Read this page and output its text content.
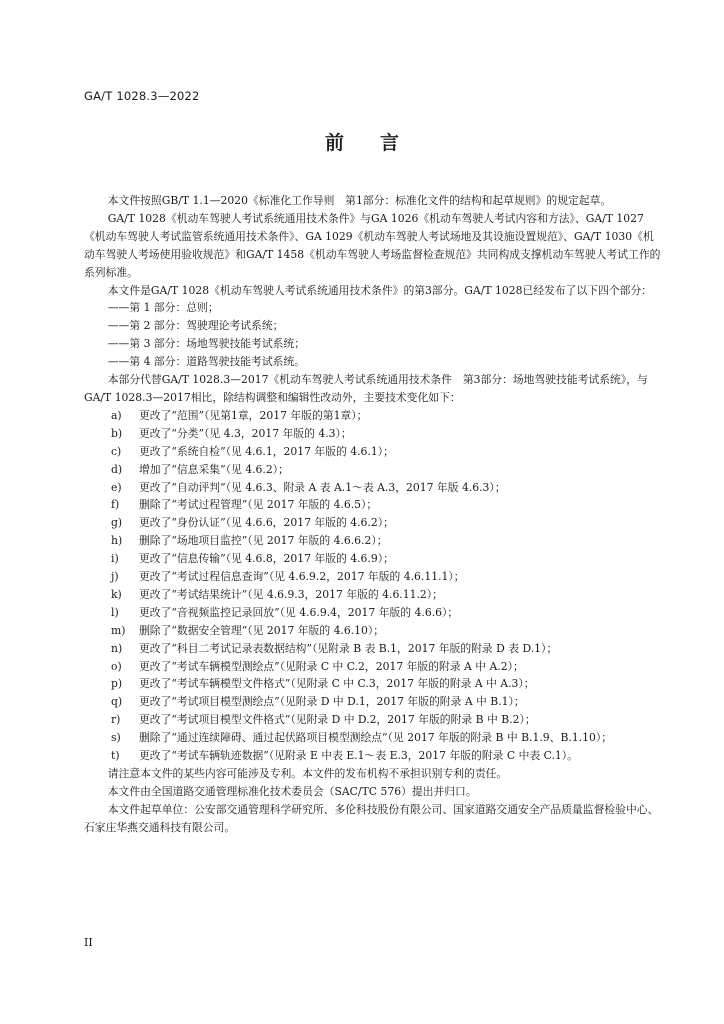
GA/T 1028.3—2022
前言

本文件按照GB/T 1.1—2020《标准化工作导则　第1部分：标准化文件的结构和起草规则》的规定起草。

GA/T 1028《机动车驾驶人考试系统通用技术条件》与GA 1026《机动车驾驶人考试内容和方法》、GA/T 1027《机动车驾驶人考试监管系统通用技术条件》、GA 1029《机动车驾驶人考试场地及其设施设置规范》、GA/T 1030《机动车驾驶人考场使用验收规范》和GA/T 1458《机动车驾驶人考场监督检查规范》共同构成支撑机动车驾驶人考试工作的系列标准。

本文件是GA/T 1028《机动车驾驶人考试系统通用技术条件》的第3部分。GA/T 1028已经发布了以下四个部分：

——第 1 部分：总则；

——第 2 部分：驾驶理论考试系统；

——第 3 部分：场地驾驶技能考试系统；

——第 4 部分：道路驾驶技能考试系统。

本部分代替GA/T 1028.3—2017《机动车驾驶人考试系统通用技术条件　第3部分：场地驾驶技能考试系统》，与GA/T 1028.3—2017相比，除结构调整和编辑性改动外，主要技术变化如下：

a)	更改了“范围”（见第1章，2017 年版的第1章）；
b)	更改了“分类”（见 4.3，2017 年版的 4.3）；
c)	更改了“系统自检”（见 4.6.1，2017 年版的 4.6.1）；
d)	增加了“信息采集”（见 4.6.2）；
e)	更改了“自动评判”（见 4.6.3、附录 A 表 A.1～表 A.3，2017 年版 4.6.3）；
f)	删除了“考试过程管理”（见 2017 年版的 4.6.5）；
g)	更改了“身份认证”（见 4.6.6，2017 年版的 4.6.2）；
h)	删除了“场地项目监控”（见 2017 年版的 4.6.6.2）；
i)	更改了“信息传输”（见 4.6.8，2017 年版的 4.6.9）；
j)	更改了“考试过程信息查询”（见 4.6.9.2，2017 年版的 4.6.11.1）；
k)	更改了“考试结果统计”（见 4.6.9.3，2017 年版的 4.6.11.2）；
l)	更改了“音视频监控记录回放”（见 4.6.9.4，2017 年版的 4.6.6）；
m)	删除了“数据安全管理”（见 2017 年版的 4.6.10）；
n)	更改了“科目二考试记录表数据结构”（见附录 B 表 B.1，2017 年版的附录 D 表 D.1）；
o)	更改了“考试车辆模型测绘点”（见附录 C 中 C.2，2017 年版的附录 A 中 A.2）；
p)	更改了“考试车辆模型文件格式”（见附录 C 中 C.3，2017 年版的附录 A 中 A.3）；
q)	更改了“考试项目模型测绘点”（见附录 D 中 D.1，2017 年版的附录 A 中 B.1）；
r)	更改了“考试项目模型文件格式”（见附录 D 中 D.2，2017 年版的附录 B 中 B.2）；
s)	删除了“通过连续障碍、通过起伏路项目模型测绘点”（见 2017 年版的附录 B 中 B.1.9、B.1.10）；
t)	更改了“考试车辆轨迹数据”（见附录 E 中表 E.1～表 E.3，2017 年版的附录 C 中表 C.1）。

请注意本文件的某些内容可能涉及专利。本文件的发布机构不承担识别专利的责任。

本文件由全国道路交通管理标准化技术委员会（SAC/TC 576）提出并归口。

本文件起草单位：公安部交通管理科学研究所、多伦科技股份有限公司、国家道路交通安全产品质量监督检验中心、石家庄华燕交通科技有限公司。

II
